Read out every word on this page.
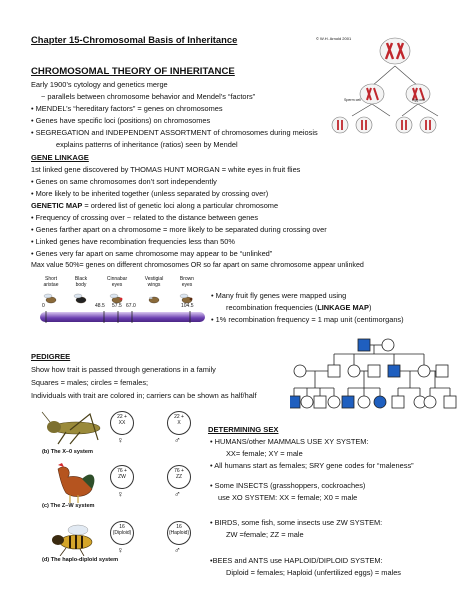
Chapter 15-Chromosomal Basis of Inheritance	© W.H. Arnold 2001
Sperm cell	Egg cell
CHROMOSOMAL THEORY OF INHERITANCE
Early 1900’s cytology and genetics merge
~ parallels between chromosome behavior and Mendel’s “factors”
• MENDEL’s “hereditary factors” = genes on chromosomes
• Genes have specific loci (positions) on chromosomes
• SEGREGATION and INDEPENDENT ASSORTMENT of chromosomes during meiosis
explains patterns of inheritance (ratios) seen by Mendel
GENE LINKAGE
1st linked gene discovered by THOMAS HUNT MORGAN = white eyes in fruit flies
• Genes on same chromosomes don’t sort independently
• More likely to be inherited together (unless separated by crossing over)
GENETIC MAP = ordered list of genetic loci along a particular chromosome
• Frequency of crossing over ~ related to the distance between genes
• Genes farther apart on a chromosome = more likely to be separated during crossing over
• Linked genes have recombination frequencies less than 50%
• Genes very far apart on same chromosome may appear to be “unlinked”
Max value 50%= genes on different chromosomes OR so far apart on same chromosome appear unlinked
Short aristae
Black body
Cinnabar eyes
Vestigial wings
Brown eyes
0	48.5 57.5 67.0	104.5
• Many fruit fly genes were mapped using
recombination frequencies (LINKAGE MAP)
• 1% recombination frequency = 1 map unit (centimorgans)
PEDIGREE
Show how trait is passed through generations in a family
Squares = males; circles = females;
Individuals with trait are colored in; carriers can be shown as half/half
(b) The X–0 system
22 +
XX
22 +
X
♀	♂
(c) The Z–W system
76 +
ZW
76 +
ZZ
♀	♂
(d) The haplo-diploid system
16
(Diploid)
16
(Haploid)
♀	♂
DETERMINING SEX
• HUMANS/other MAMMALS USE XY SYSTEM:
XX= female; XY = male
• All humans start as females; SRY gene codes for “maleness”
• Some INSECTS (grasshoppers, cockroaches)
use XO SYSTEM: XX = female; X0 = male
• BIRDS, some fish, some insects use ZW SYSTEM:
ZW =female; ZZ = male
•BEES and ANTS use HAPLOID/DIPLOID SYSTEM:
Diploid = females; Haploid (unfertilized eggs) = males
